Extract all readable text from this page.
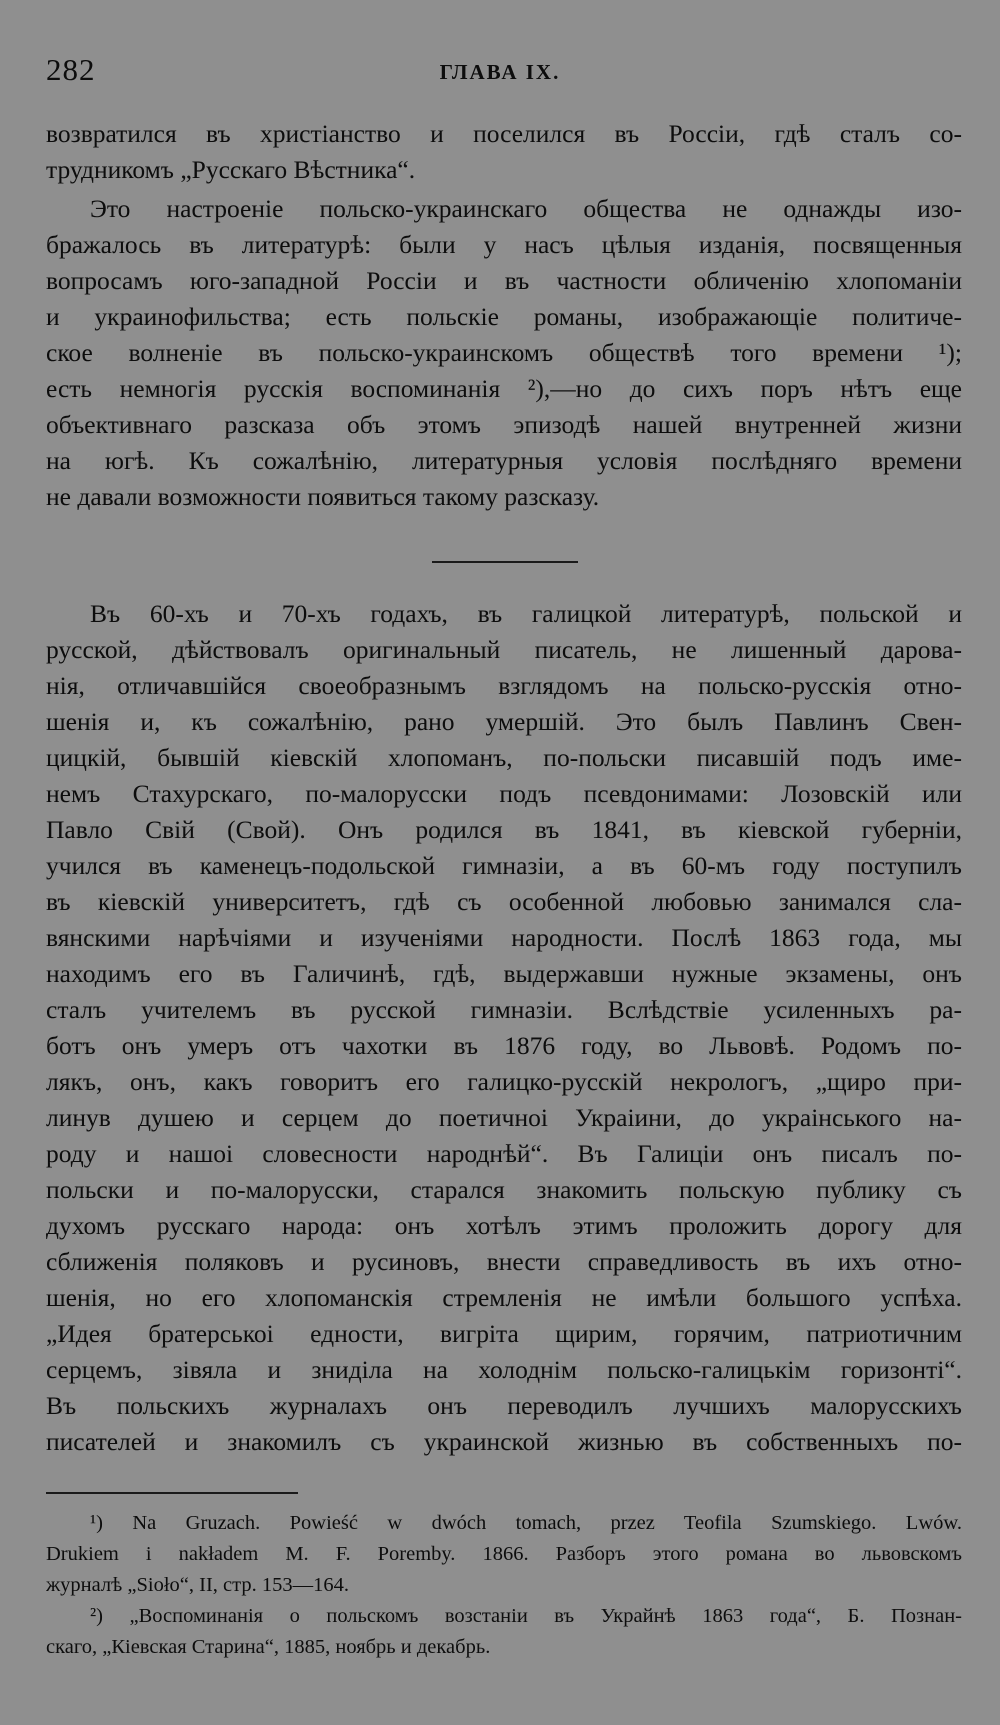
282	ГЛАВА IX.
возвратился въ христіанство и поселился въ Россіи, гдѣ сталъ со-
трудникомъ „Русскаго Вѣстника“.
Это настроеніе польско-украинскаго общества не однажды изо-
бражалось въ литературѣ: были у насъ цѣлыя изданія, посвященныя
вопросамъ юго-западной Россіи и въ частности обличенію хлопоманіи
и украинофильства; есть польскіе романы, изображающіе политиче-
ское волненіе въ польско-украинскомъ обществѣ того времени ¹);
есть немногія русскія воспоминанія ²),—но до сихъ поръ нѣтъ еще
объективнаго разсказа объ этомъ эпизодѣ нашей внутренней жизни
на югѣ. Къ сожалѣнію, литературныя условія послѣдняго времени
не давали возможности появиться такому разсказу.
Въ 60-хъ и 70-хъ годахъ, въ галицкой литературѣ, польской и
русской, дѣйствовалъ оригинальный писатель, не лишенный дарова-
нія, отличавшійся своеобразнымъ взглядомъ на польско-русскія отно-
шенія и, къ сожалѣнію, рано умершій. Это былъ Павлинъ Свен-
цицкій, бывшій кіевскій хлопоманъ, по-польски писавшій подъ име-
немъ Стахурскаго, по-малорусски подъ псевдонимами: Лозовскій или
Павло Свій (Свой). Онъ родился въ 1841, въ кіевской губерніи,
учился въ каменецъ-подольской гимназіи, а въ 60-мъ году поступилъ
въ кіевскій университетъ, гдѣ съ особенной любовью занимался сла-
вянскими нарѣчіями и изученіями народности. Послѣ 1863 года, мы
находимъ его въ Галичинѣ, гдѣ, выдержавши нужные экзамены, онъ
сталъ учителемъ въ русской гимназіи. Вслѣдствіе усиленныхъ ра-
ботъ онъ умеръ отъ чахотки въ 1876 году, во Львовѣ. Родомъ по-
лякъ, онъ, какъ говоритъ его галицко-русскій некрологъ, „щиро при-
линув душею и серцем до поетичноі Украіини, до украінського на-
роду и нашоі словесности народнѣй“. Въ Галиціи онъ писалъ по-
польски и по-малорусски, старался знакомить польскую публику съ
духомъ русскаго народа: онъ хотѣлъ этимъ проложить дорогу для
сближенія поляковъ и русиновъ, внести справедливость въ ихъ отно-
шенія, но его хлопоманскія стремленія не имѣли большого успѣха.
„Идея братерськоі едности, вигріта щирим, горячим, патриотичним
серцемъ, зівяла и зниділа на холоднім польско-галицькім горизонті“.
Въ польскихъ журналахъ онъ переводилъ лучшихъ малорусскихъ
писателей и знакомилъ съ украинской жизнью въ собственныхъ по-
¹) Na Gruzach. Powieść w dwóch tomach, przez Teofila Szumskiego. Lwów.
Drukiem i nakładem M. F. Poremby. 1866. Разборъ этого романа во львовскомъ
журналѣ „Sioło“, II, стр. 153—164.
²) „Воспоминанія о польскомъ возстаніи въ Украйнѣ 1863 года“, Б. Познан-
скаго, „Кіевская Старина“, 1885, ноябрь и декабрь.
